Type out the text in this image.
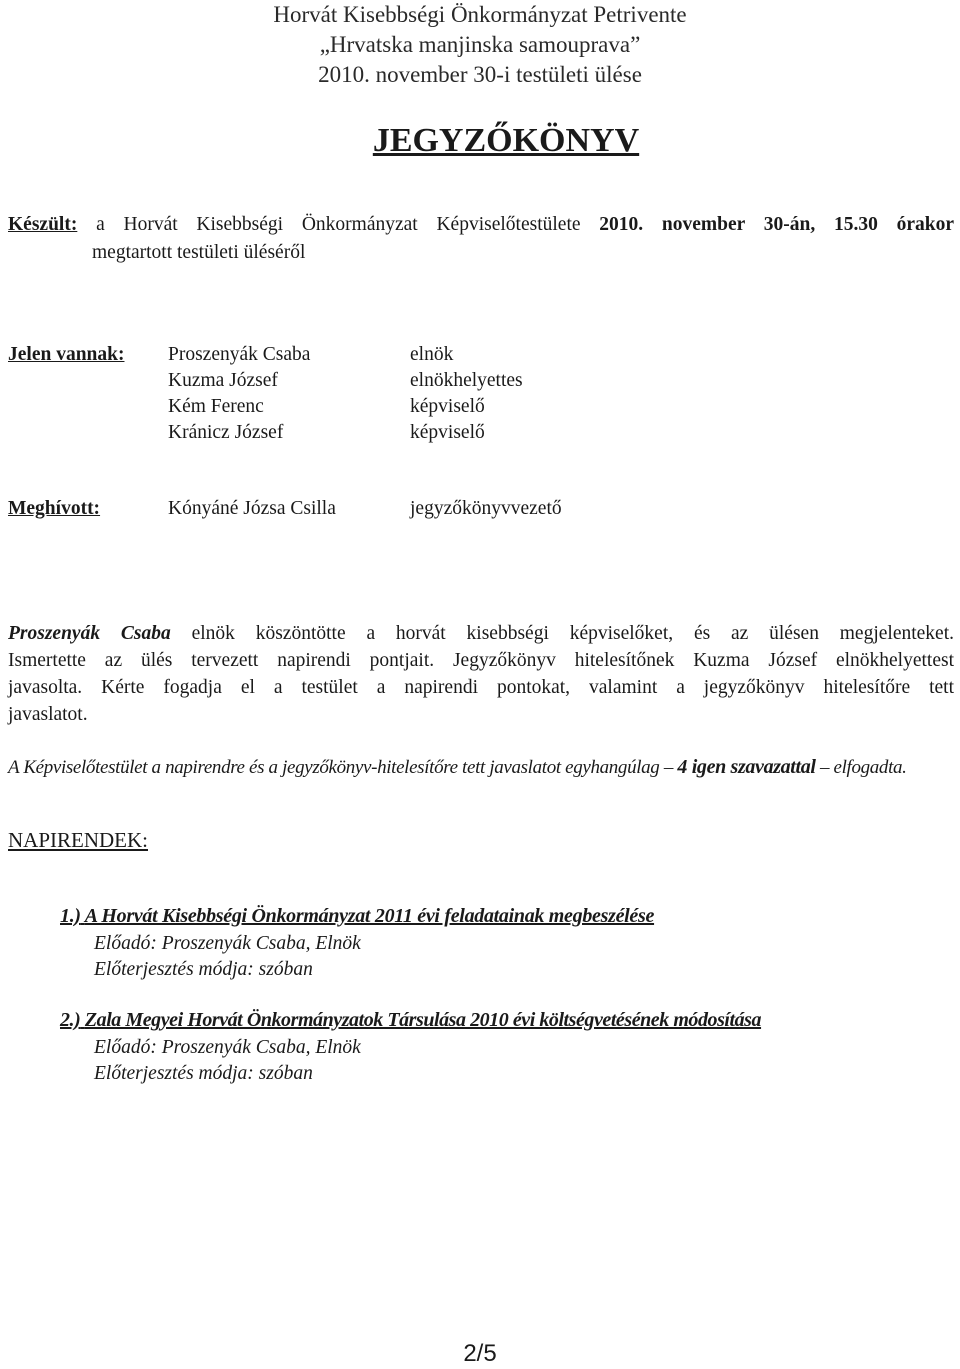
Horvát Kisebbségi Önkormányzat Petrivente
„Hrvatska manjinska samouprava”
2010. november 30-i testületi ülése
JEGYZŐKÖNYV
Készült: a Horvát Kisebbségi Önkormányzat Képviselőtestülete 2010. november 30-án, 15.30 órakor
megtartott testületi üléséről
Jelen vannak: Proszenyák Csaba	elnök
Kuzma József	elnökhelyettes
Kém Ferenc	képviselő
Kránicz József	képviselő
Meghívott:	Kónyáné Józsa Csilla	jegyzőkönyvvezető
Proszenyák Csaba elnök köszöntötte a horvát kisebbségi képviselőket, és az ülésen megjelenteket.
Ismertette az ülés tervezett napirendi pontjait. Jegyzőkönyv hitelesítőnek Kuzma József elnökhelyettest
javasolta. Kérte fogadja el a testület a napirendi pontokat, valamint a jegyzőkönyv hitelesítőre tett
javaslatot.
A Képviselőtestület a napirendre és a jegyzőkönyv-hitelesítőre tett javaslatot egyhangúlag – 4 igen szavazattal – elfogadta.
NAPIRENDEK:
1.) A Horvát Kisebbségi Önkormányzat 2011 évi feladatainak megbeszélése
Előadó: Proszenyák Csaba, Elnök
Előterjesztés módja: szóban
2.) Zala Megyei Horvát Önkormányzatok Társulása 2010 évi költségvetésének módosítása
Előadó: Proszenyák Csaba, Elnök
Előterjesztés módja: szóban
2/5
